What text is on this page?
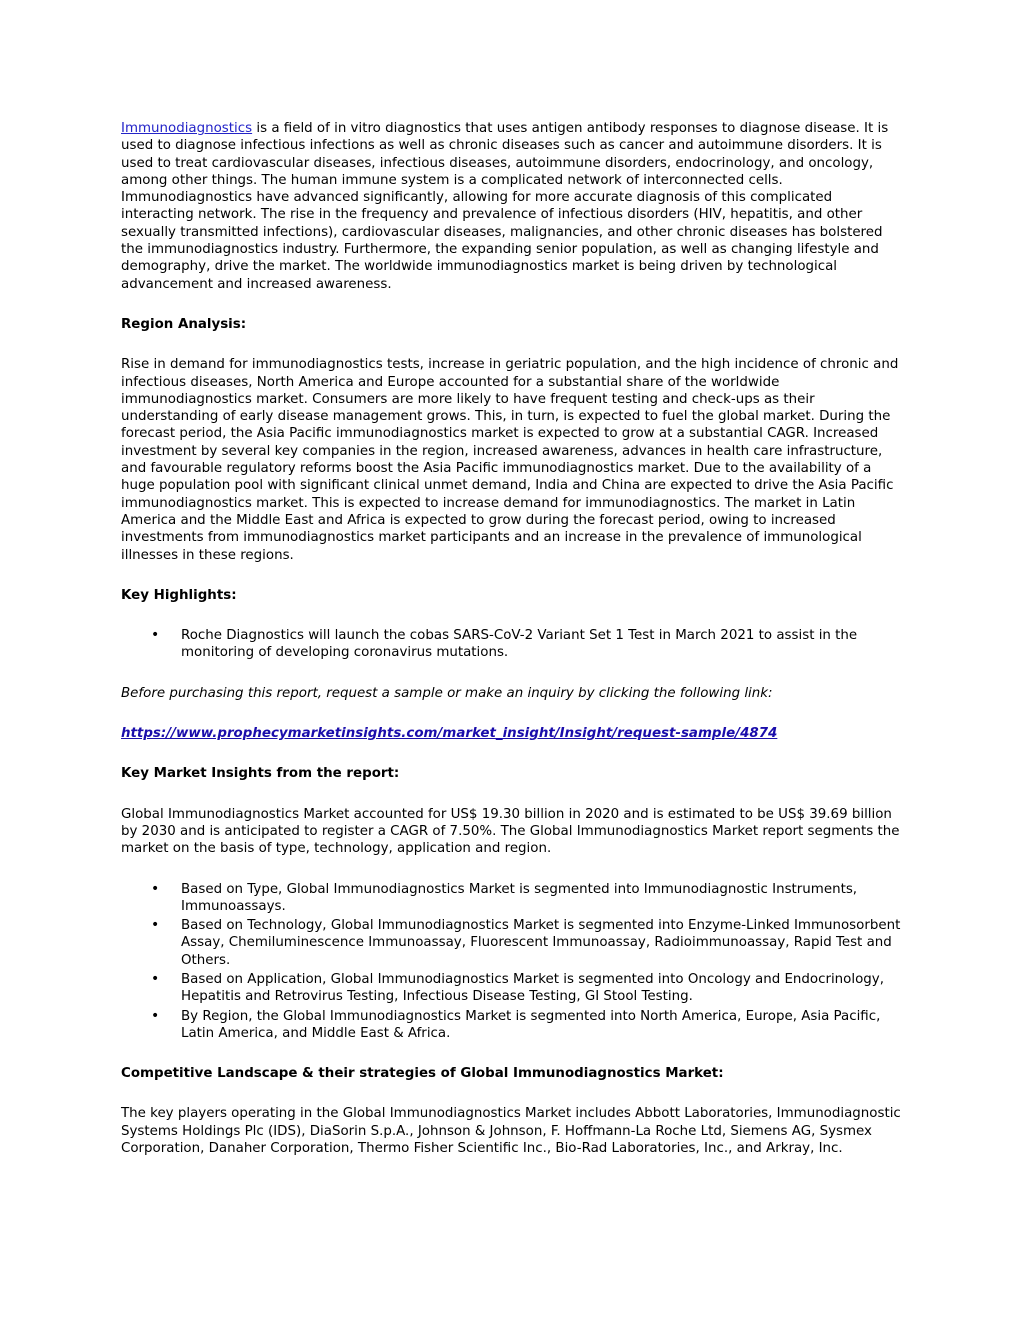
Immunodiagnostics is a field of in vitro diagnostics that uses antigen antibody responses to diagnose disease. It is used to diagnose infectious infections as well as chronic diseases such as cancer and autoimmune disorders. It is used to treat cardiovascular diseases, infectious diseases, autoimmune disorders, endocrinology, and oncology, among other things. The human immune system is a complicated network of interconnected cells. Immunodiagnostics have advanced significantly, allowing for more accurate diagnosis of this complicated interacting network. The rise in the frequency and prevalence of infectious disorders (HIV, hepatitis, and other sexually transmitted infections), cardiovascular diseases, malignancies, and other chronic diseases has bolstered the immunodiagnostics industry. Furthermore, the expanding senior population, as well as changing lifestyle and demography, drive the market. The worldwide immunodiagnostics market is being driven by technological advancement and increased awareness.

Region Analysis:

Rise in demand for immunodiagnostics tests, increase in geriatric population, and the high incidence of chronic and infectious diseases, North America and Europe accounted for a substantial share of the worldwide immunodiagnostics market. Consumers are more likely to have frequent testing and check-ups as their understanding of early disease management grows. This, in turn, is expected to fuel the global market. During the forecast period, the Asia Pacific immunodiagnostics market is expected to grow at a substantial CAGR. Increased investment by several key companies in the region, increased awareness, advances in health care infrastructure, and favourable regulatory reforms boost the Asia Pacific immunodiagnostics market. Due to the availability of a huge population pool with significant clinical unmet demand, India and China are expected to drive the Asia Pacific immunodiagnostics market. This is expected to increase demand for immunodiagnostics. The market in Latin America and the Middle East and Africa is expected to grow during the forecast period, owing to increased investments from immunodiagnostics market participants and an increase in the prevalence of immunological illnesses in these regions.

Key Highlights:

• Roche Diagnostics will launch the cobas SARS-CoV-2 Variant Set 1 Test in March 2021 to assist in the monitoring of developing coronavirus mutations.

Before purchasing this report, request a sample or make an inquiry by clicking the following link:

https://www.prophecymarketinsights.com/market_insight/Insight/request-sample/4874

Key Market Insights from the report:

Global Immunodiagnostics Market accounted for US$ 19.30 billion in 2020 and is estimated to be US$ 39.69 billion by 2030 and is anticipated to register a CAGR of 7.50%. The Global Immunodiagnostics Market report segments the market on the basis of type, technology, application and region.

• Based on Type, Global Immunodiagnostics Market is segmented into Immunodiagnostic Instruments, Immunoassays.
• Based on Technology, Global Immunodiagnostics Market is segmented into Enzyme-Linked Immunosorbent Assay, Chemiluminescence Immunoassay, Fluorescent Immunoassay, Radioimmunoassay, Rapid Test and Others.
• Based on Application, Global Immunodiagnostics Market is segmented into Oncology and Endocrinology, Hepatitis and Retrovirus Testing, Infectious Disease Testing, GI Stool Testing.
• By Region, the Global Immunodiagnostics Market is segmented into North America, Europe, Asia Pacific, Latin America, and Middle East & Africa.

Competitive Landscape & their strategies of Global Immunodiagnostics Market:

The key players operating in the Global Immunodiagnostics Market includes Abbott Laboratories, Immunodiagnostic Systems Holdings Plc (IDS), DiaSorin S.p.A., Johnson & Johnson, F. Hoffmann-La Roche Ltd, Siemens AG, Sysmex Corporation, Danaher Corporation, Thermo Fisher Scientific Inc., Bio-Rad Laboratories, Inc., and Arkray, Inc.
